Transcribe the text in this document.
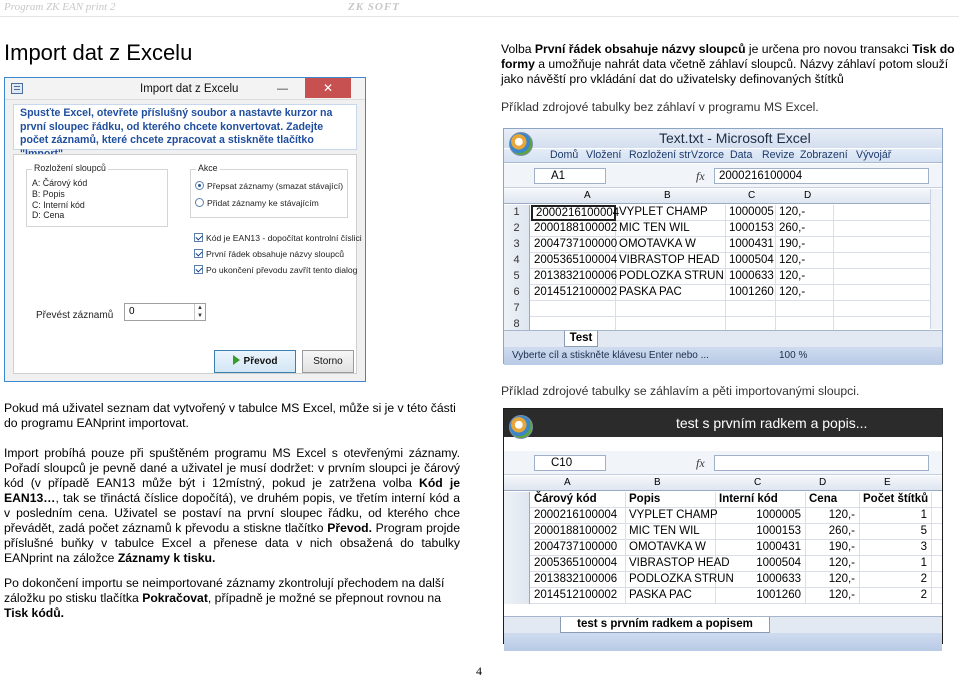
Program ZK EAN print 2	ZK SOFT
Import dat z Excelu	Volba První řádek obsahuje názvy sloupců je určena pro novou transakci Tisk do formy a umožňuje nahrát data včetně záhlaví sloupců. Názvy záhlaví potom slouží jako návěští pro vkládání dat do uživatelsky definovaných štítků
Příklad zdrojové tabulky bez záhlaví v programu MS Excel.
Import dat z Excelu	—	✕
Spusťte Excel, otevřete příslušný soubor a nastavte kurzor na první sloupec řádku, od kterého chcete konvertovat. Zadejte počet záznamů, které chcete zpracovat a stiskněte tlačítko
Rozložení sloupců
A: Čárový kód
B: Popis
C: Interní kód
D: Cena
Akce
Přepsat záznamy (smazat stávající)
Přidat záznamy ke stávajícím
Kód je EAN13 - dopočítat kontrolní číslici
První řádek obsahuje názvy sloupců
Po ukončení převodu zavřít tento dialog
Převést záznamů	0	▲
▼
Převod	Storno
Text.txt - Microsoft Excel
Domů Vložení Rozložení str Vzorce Data Revize Zobrazení Vývojář
A1	fx	2000216100004
A	B	C	D
1	2000216100004 VYPLET CHAMP	1000005 120,-
2	2000188100002 MIC TEN WIL	1000153 260,-
3	2004737100000 OMOTAVKA W	1000431 190,-
4	2005365100004 VIBRASTOP HEAD 1000504 120,-
5	2013832100006 PODLOZKA STRUN 1000633 120,-
6	2014512100002 PASKA PAC	1001260 120,-
7
8
Test
Vyberte cíl a stiskněte klávesu Enter nebo ...	100 %
Příklad zdrojové tabulky se záhlavím a pěti importovanými sloupci.
Pokud má uživatel seznam dat vytvořený v tabulce MS Excel, může si je v této části do programu EANprint importovat.
Import probíhá pouze při spuštěném programu MS Excel s otevřenými záznamy. Pořadí sloupců je pevně dané a uživatel je musí dodržet: v prvním sloupci je čárový kód (v případě EAN13 může být i 12místný, pokud je zatržena volba Kód je EAN13…, tak se třináctá číslice dopočítá), ve druhém popis, ve třetím interní kód a v posledním cena. Uživatel se postaví na první sloupec řádku, od kterého chce převádět, zadá počet záznamů k převodu a stiskne tlačítko Převod. Program projde příslušné buňky v tabulce Excel a přenese data v nich obsažená do tabulky EANprint na záložce Záznamy k tisku.
Po dokončení importu se neimportované záznamy zkontrolují přechodem na další záložku po stisku tlačítka Pokračovat, případně je možné se přepnout rovnou na Tisk kódů.
test s prvním radkem a popis...
C10	fx
A	B	C	D	E
Čárový kód	Popis	Interní kód	Cena	Počet štítků
2000216100004	VYPLET CHAMP	1000005	120,-	1
2000188100002	MIC TEN WIL	1000153	260,-	5
2004737100000	OMOTAVKA W	1000431	190,-	3
2005365100004	VIBRASTOP HEAD	1000504	120,-	1
2013832100006	PODLOZKA STRUN	1000633	120,-	2
2014512100002	PASKA PAC	1001260	120,-	2
test s prvním radkem a popisem
4
